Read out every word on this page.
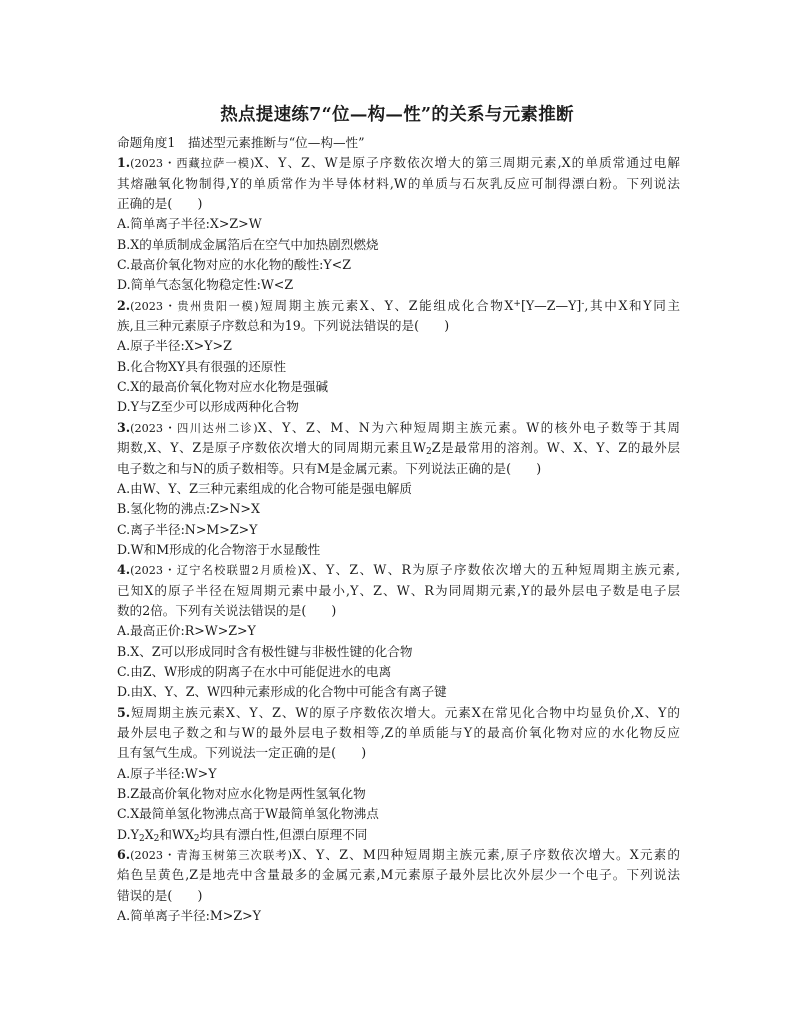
热点提速练7“位—构—性”的关系与元素推断
命题角度1　描述型元素推断与“位—构—性”
1.(2023・西藏拉萨一模)X、Y、Z、W是原子序数依次增大的第三周期元素,X的单质常通过电解
其熔融氧化物制得,Y的单质常作为半导体材料,W的单质与石灰乳反应可制得漂白粉。下列说法
正确的是(　　)
A.简单离子半径:X>Z>W
B.X的单质制成金属箔后在空气中加热剧烈燃烧
C.最高价氧化物对应的水化物的酸性:Y<Z
D.简单气态氢化物稳定性:W<Z
2.(2023・贵州贵阳一模)短周期主族元素X、Y、Z能组成化合物X+[Y—Z—Y]-,其中X和Y同主
族,且三种元素原子序数总和为19。下列说法错误的是(　　)
A.原子半径:X>Y>Z
B.化合物XY具有很强的还原性
C.X的最高价氧化物对应水化物是强碱
D.Y与Z至少可以形成两种化合物
3.(2023・四川达州二诊)X、Y、Z、M、N为六种短周期主族元素。W的核外电子数等于其周
期数,X、Y、Z是原子序数依次增大的同周期元素且W2Z是最常用的溶剂。W、X、Y、Z的最外层
电子数之和与N的质子数相等。只有M是金属元素。下列说法正确的是(　　)
A.由W、Y、Z三种元素组成的化合物可能是强电解质
B.氢化物的沸点:Z>N>X
C.离子半径:N>M>Z>Y
D.W和M形成的化合物溶于水显酸性
4.(2023・辽宁名校联盟2月质检)X、Y、Z、W、R为原子序数依次增大的五种短周期主族元素,
已知X的原子半径在短周期元素中最小,Y、Z、W、R为同周期元素,Y的最外层电子数是电子层
数的2倍。下列有关说法错误的是(　　)
A.最高正价:R>W>Z>Y
B.X、Z可以形成同时含有极性键与非极性键的化合物
C.由Z、W形成的阴离子在水中可能促进水的电离
D.由X、Y、Z、W四种元素形成的化合物中可能含有离子键
5.短周期主族元素X、Y、Z、W的原子序数依次增大。元素X在常见化合物中均显负价,X、Y的
最外层电子数之和与W的最外层电子数相等,Z的单质能与Y的最高价氧化物对应的水化物反应
且有氢气生成。下列说法一定正确的是(　　)
A.原子半径:W>Y
B.Z最高价氧化物对应水化物是两性氢氧化物
C.X最简单氢化物沸点高于W最简单氢化物沸点
D.Y2X2和WX2均具有漂白性,但漂白原理不同
6.(2023・青海玉树第三次联考)X、Y、Z、M四种短周期主族元素,原子序数依次增大。X元素的
焰色呈黄色,Z是地壳中含量最多的金属元素,M元素原子最外层比次外层少一个电子。下列说法
错误的是(　　)
A.简单离子半径:M>Z>Y
